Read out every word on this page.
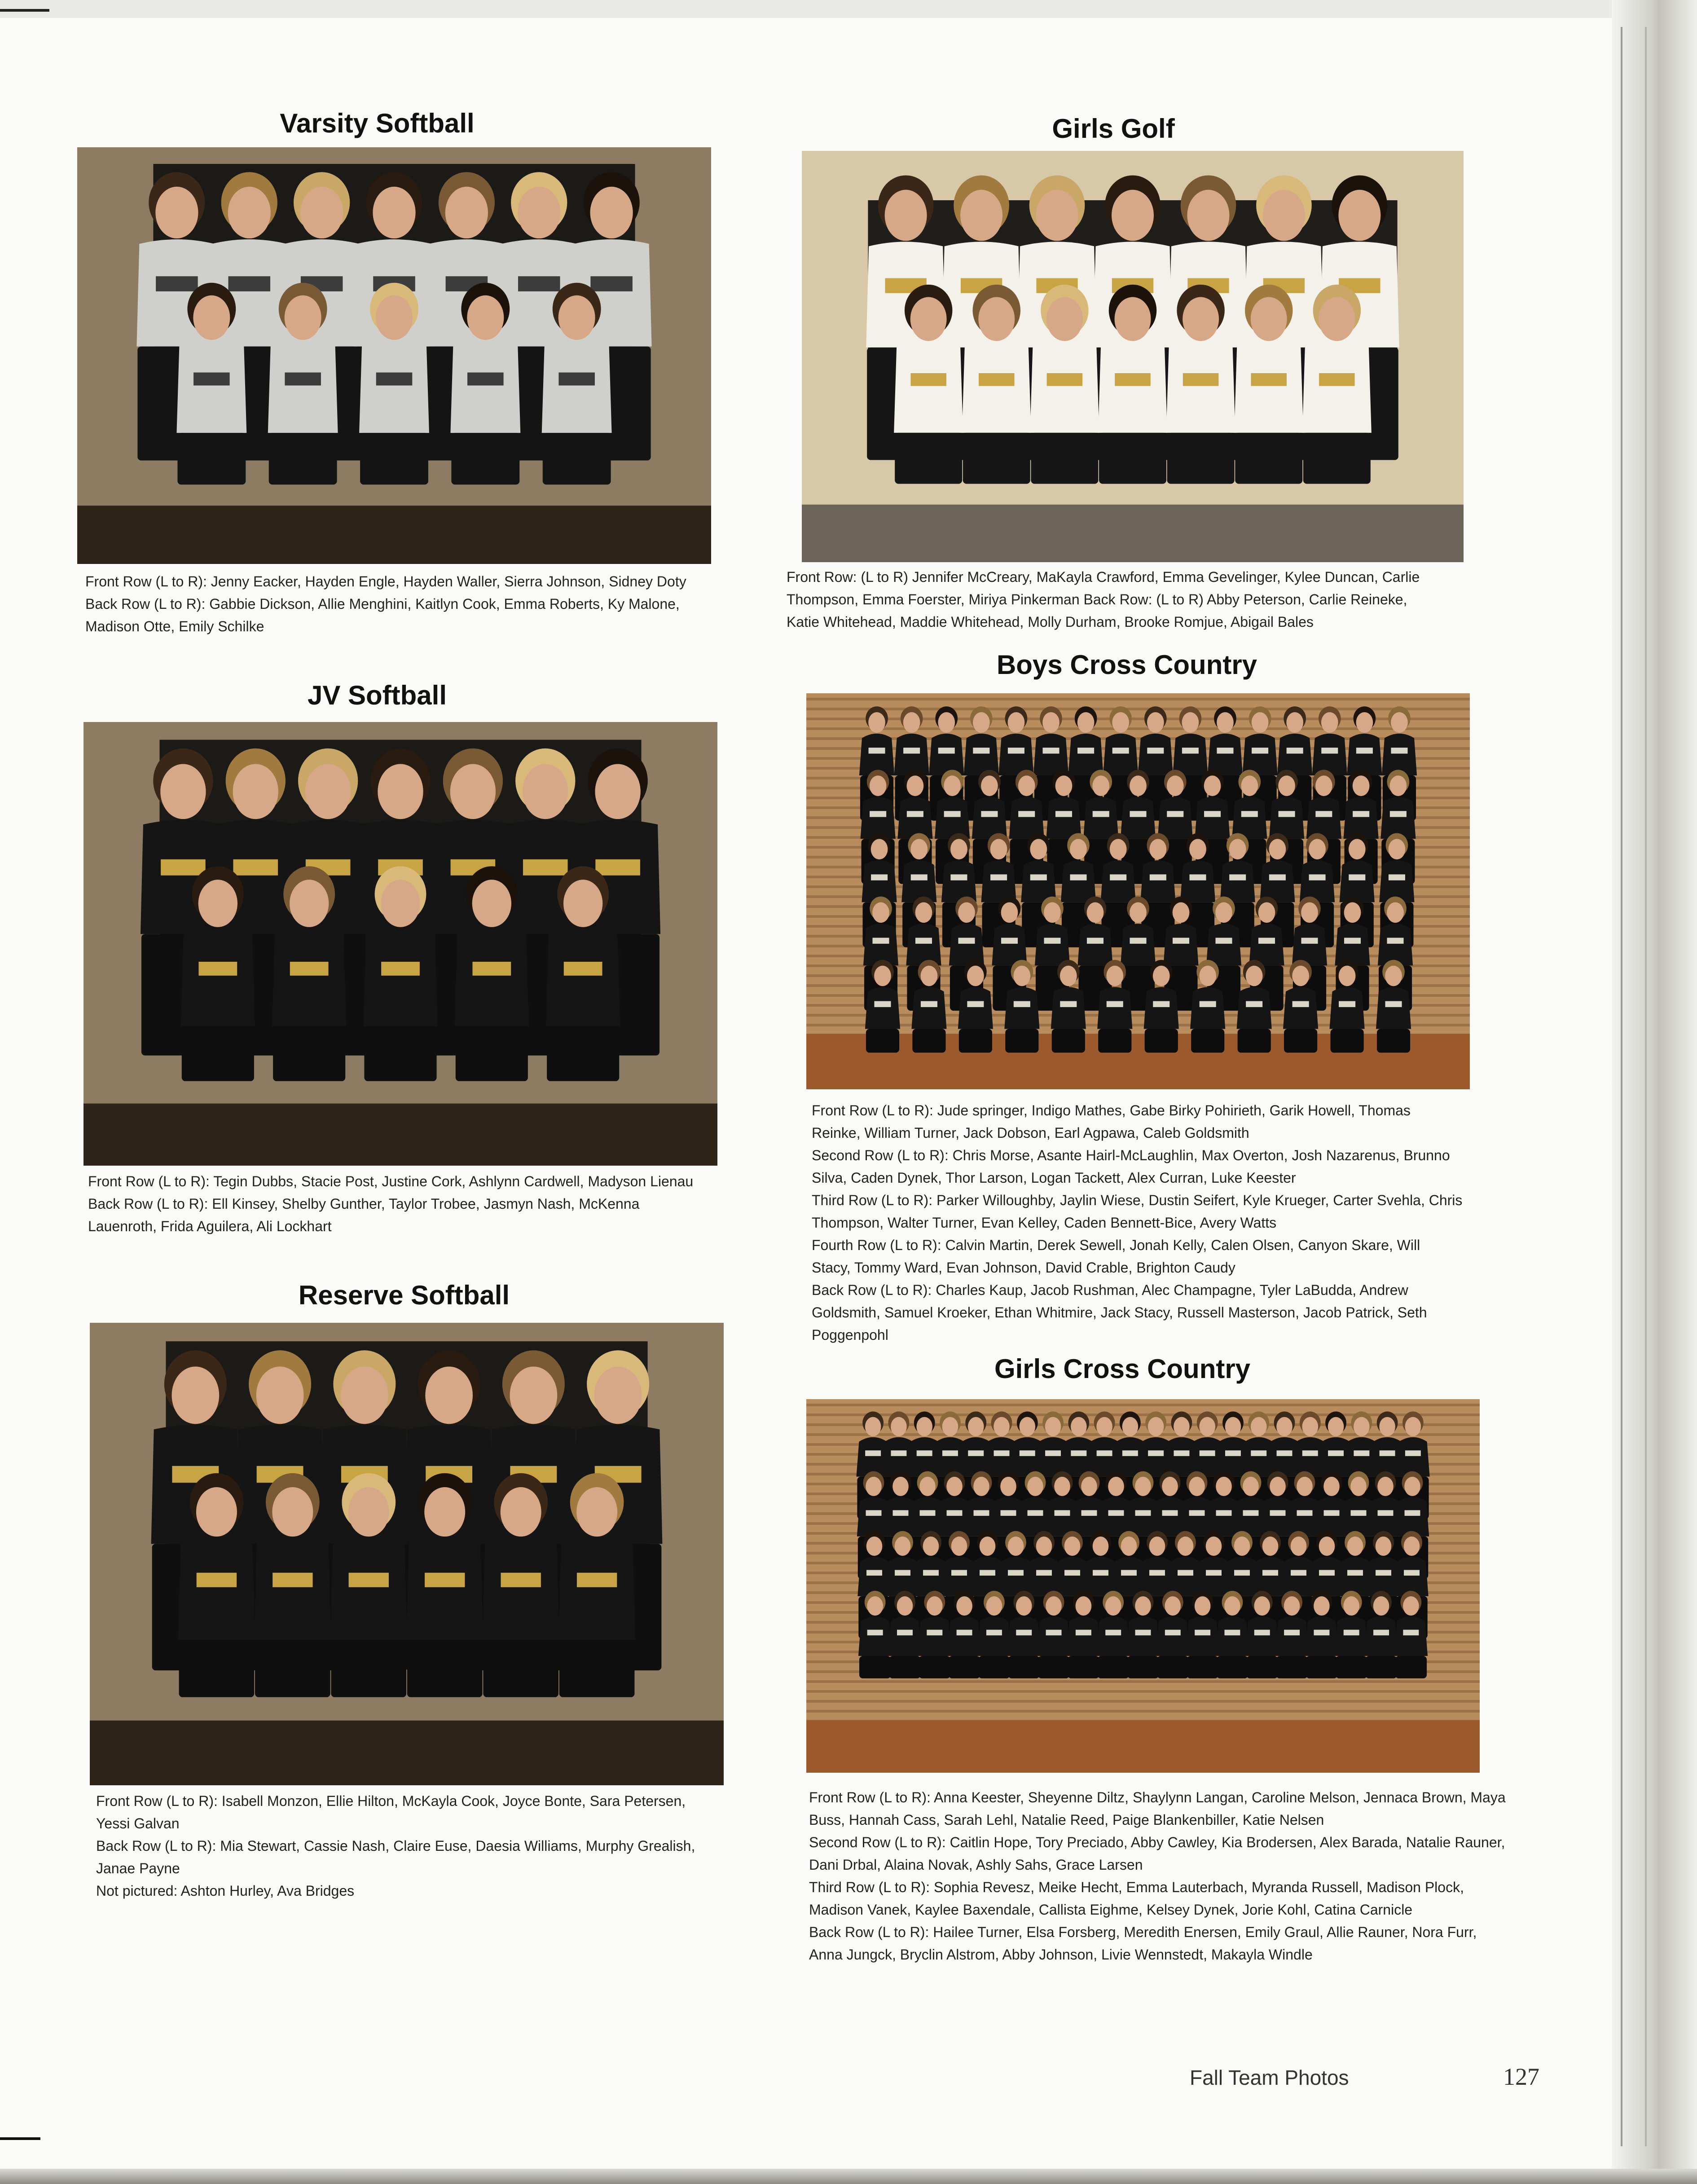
Varsity Softball

Front Row (L to R): Jenny Eacker, Hayden Engle, Hayden Waller, Sierra Johnson, Sidney Doty

Back Row (L to R): Gabbie Dickson, Allie Menghini, Kaitlyn Cook, Emma Roberts, Ky Malone, Madison Otte, Emily Schilke

JV Softball

Front Row (L to R): Tegin Dubbs, Stacie Post, Justine Cork, Ashlynn Cardwell, Madyson Lienau

Back Row (L to R): Ell Kinsey, Shelby Gunther, Taylor Trobee, Jasmyn Nash, McKenna Lauenroth, Frida Aguilera, Ali Lockhart

Reserve Softball

Front Row (L to R): Isabell Monzon, Ellie Hilton, McKayla Cook, Joyce Bonte, Sara Petersen, Yessi Galvan

Back Row (L to R): Mia Stewart, Cassie Nash, Claire Euse, Daesia Williams, Murphy Grealish, Janae Payne

Not pictured: Ashton Hurley, Ava Bridges

Girls Golf

Front Row: (L to R) Jennifer McCreary, MaKayla Crawford, Emma Gevelinger, Kylee Duncan, Carlie Thompson, Emma Foerster, Miriya Pinkerman Back Row: (L to R) Abby Peterson, Carlie Reineke, Katie Whitehead, Maddie Whitehead, Molly Durham, Brooke Romjue, Abigail Bales

Boys Cross Country

Front Row (L to R): Jude springer, Indigo Mathes, Gabe Birky Pohirieth, Garik Howell, Thomas Reinke, William Turner, Jack Dobson, Earl Agpawa, Caleb Goldsmith

Second Row (L to R): Chris Morse, Asante Hairl-McLaughlin, Max Overton, Josh Nazarenus, Brunno Silva, Caden Dynek, Thor Larson, Logan Tackett, Alex Curran, Luke Keester

Third Row (L to R): Parker Willoughby, Jaylin Wiese, Dustin Seifert, Kyle Krueger, Carter Svehla, Chris Thompson, Walter Turner, Evan Kelley, Caden Bennett-Bice, Avery Watts

Fourth Row (L to R): Calvin Martin, Derek Sewell, Jonah Kelly, Calen Olsen, Canyon Skare, Will Stacy, Tommy Ward, Evan Johnson, David Crable, Brighton Caudy

Back Row (L to R): Charles Kaup, Jacob Rushman, Alec Champagne, Tyler LaBudda, Andrew Goldsmith, Samuel Kroeker, Ethan Whitmire, Jack Stacy, Russell Masterson, Jacob Patrick, Seth Poggenpohl

Girls Cross Country

Front Row (L to R): Anna Keester, Sheyenne Diltz, Shaylynn Langan, Caroline Melson, Jennaca Brown, Maya Buss, Hannah Cass, Sarah Lehl, Natalie Reed, Paige Blankenbiller, Katie Nelsen

Second Row (L to R): Caitlin Hope, Tory Preciado, Abby Cawley, Kia Brodersen, Alex Barada, Natalie Rauner, Dani Drbal, Alaina Novak, Ashly Sahs, Grace Larsen

Third Row (L to R): Sophia Revesz, Meike Hecht, Emma Lauterbach, Myranda Russell, Madison Plock, Madison Vanek, Kaylee Baxendale, Callista Eighme, Kelsey Dynek, Jorie Kohl, Catina Carnicle

Back Row (L to R): Hailee Turner, Elsa Forsberg, Meredith Enersen, Emily Graul, Allie Rauner, Nora Furr, Anna Jungck, Bryclin Alstrom, Abby Johnson, Livie Wennstedt, Makayla Windle

Fall Team Photos	127
